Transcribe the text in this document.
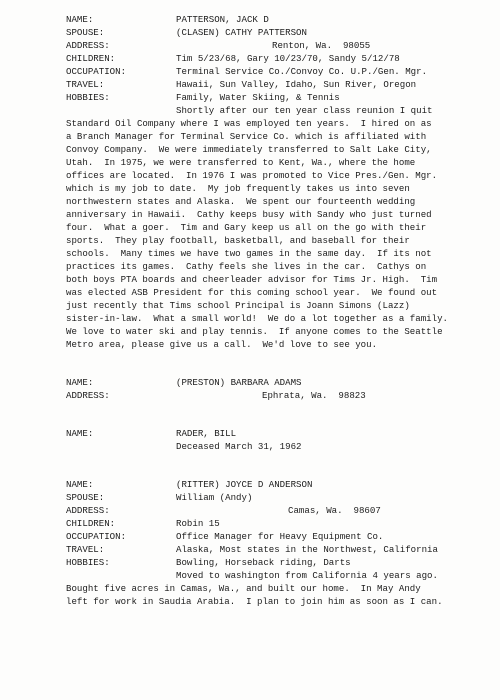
NAME:	PATTERSON, JACK D
SPOUSE:	(CLASEN) CATHY PATTERSON
ADDRESS:	Renton, Wa.  98055
CHILDREN:	Tim 5/23/68, Gary 10/23/70, Sandy 5/12/78
OCCUPATION:	Terminal Service Co./Convoy Co. U.P./Gen. Mgr.
TRAVEL:	Hawaii, Sun Valley, Idaho, Sun River, Oregon
HOBBIES:	Family, Water Skiing, & Tennis
Shortly after our ten year class reunion I quit
Standard Oil Company where I was employed ten years.  I hired on as
a Branch Manager for Terminal Service Co. which is affiliated with
Convoy Company.  We were immediately transferred to Salt Lake City,
Utah.  In 1975, we were transferred to Kent, Wa., where the home
offices are located.  In 1976 I was promoted to Vice Pres./Gen. Mgr.
which is my job to date.  My job frequently takes us into seven
northwestern states and Alaska.  We spent our fourteenth wedding
anniversary in Hawaii.  Cathy keeps busy with Sandy who just turned
four.  What a goer.  Tim and Gary keep us all on the go with their
sports.  They play football, basketball, and baseball for their
schools.  Many times we have two games in the same day.  If its not
practices its games.  Cathy feels she lives in the car.  Cathys on
both boys PTA boards and cheerleader advisor for Tims Jr. High.  Tim
was elected ASB President for this coming school year.  We found out
just recently that Tims school Principal is Joann Simons (Lazz)
sister-in-law.  What a small world!  We do a lot together as a family.
We love to water ski and play tennis.  If anyone comes to the Seattle
Metro area, please give us a call.  We'd love to see you.
NAME:	(PRESTON) BARBARA ADAMS
ADDRESS:	Ephrata, Wa.  98823
NAME:	RADER, BILL
Deceased March 31, 1962
NAME:	(RITTER) JOYCE D ANDERSON
SPOUSE:	William (Andy)
ADDRESS:	Camas, Wa.  98607
CHILDREN:	Robin 15
OCCUPATION:	Office Manager for Heavy Equipment Co.
TRAVEL:	Alaska, Most states in the Northwest, California
HOBBIES:	Bowling, Horseback riding, Darts
Moved to washington from California 4 years ago.
Bought five acres in Camas, Wa., and built our home.  In May Andy
left for work in Saudia Arabia.  I plan to join him as soon as I can.
